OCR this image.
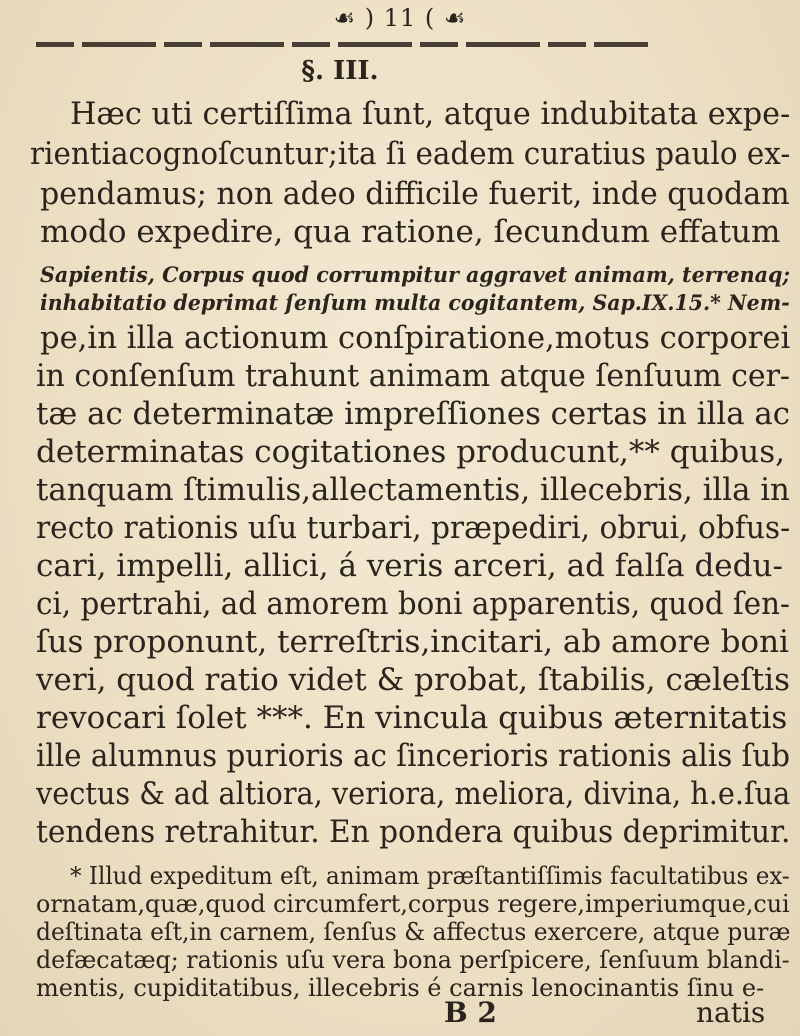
☙ ) 11 ( ☙
§. III.
Hæc uti certiſſima ſunt, atque indubitata expe-
rientiacognoſcuntur;ita ſi eadem curatius paulo ex-
pendamus; non adeo difficile fuerit, inde quodam
modo expedire, qua ratione, ſecundum effatum
Sapientis, Corpus quod corrumpitur aggravet animam, terrenaq;
inhabitatio deprimat ſenſum multa cogitantem, Sap.IX.15.* Nem-
pe,in illa actionum conſpiratione,motus corporei
in conſenſum trahunt animam atque ſenſuum cer-
tæ ac determinatæ impreſſiones certas in illa ac
determinatas cogitationes producunt,** quibus,
tanquam ſtimulis,allectamentis, illecebris, illa in
recto rationis uſu turbari, præpediri, obrui, obfus-
cari, impelli, allici, á veris arceri, ad falſa dedu-
ci, pertrahi, ad amorem boni apparentis, quod ſen-
ſus proponunt, terreſtris,incitari, ab amore boni
veri, quod ratio videt & probat, ſtabilis, cæleſtis
revocari ſolet ***. En vincula quibus æternitatis
ille alumnus purioris ac ſincerioris rationis alis ſub
vectus & ad altiora, veriora, meliora, divina, h.e.ſua
tendens retrahitur. En pondera quibus deprimitur.
* Illud expeditum eſt, animam præſtantiſſimis facultatibus ex-
ornatam,quæ,quod circumfert,corpus regere,imperiumque,cui
deſtinata eſt,in carnem, ſenſus & affectus exercere, atque puræ
defæcatæq; rationis uſu vera bona perſpicere, ſenſuum blandi-
mentis, cupiditatibus, illecebris é carnis lenocinantis ſinu e-
B 2	natis
